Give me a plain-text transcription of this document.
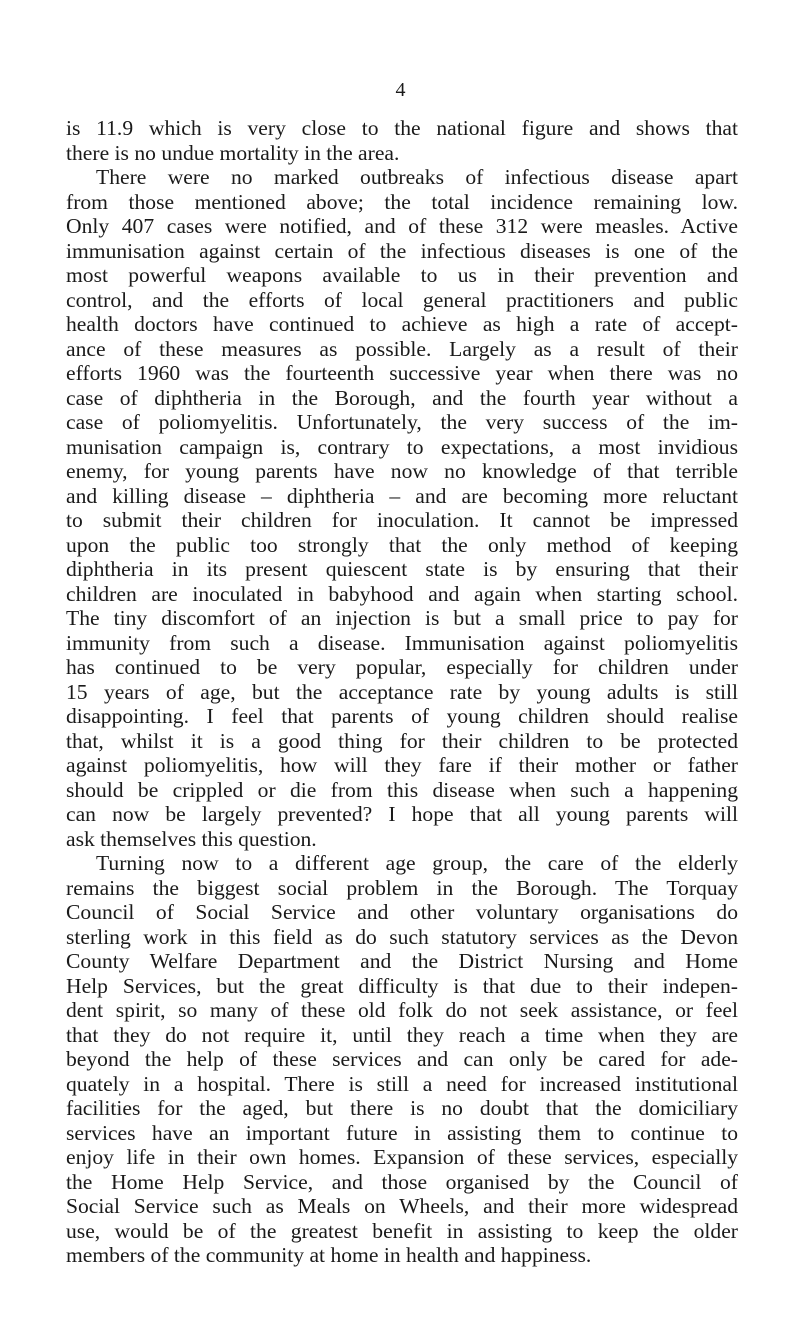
4
is 11.9 which is very close to the national figure and shows that
there is no undue mortality in the area.
There were no marked outbreaks of infectious disease apart
from those mentioned above; the total incidence remaining low.
Only 407 cases were notified, and of these 312 were measles. Active
immunisation against certain of the infectious diseases is one of the
most powerful weapons available to us in their prevention and
control, and the efforts of local general practitioners and public
health doctors have continued to achieve as high a rate of accept-
ance of these measures as possible. Largely as a result of their
efforts 1960 was the fourteenth successive year when there was no
case of diphtheria in the Borough, and the fourth year without a
case of poliomyelitis. Unfortunately, the very success of the im-
munisation campaign is, contrary to expectations, a most invidious
enemy, for young parents have now no knowledge of that terrible
and killing disease – diphtheria – and are becoming more reluctant
to submit their children for inoculation. It cannot be impressed
upon the public too strongly that the only method of keeping
diphtheria in its present quiescent state is by ensuring that their
children are inoculated in babyhood and again when starting school.
The tiny discomfort of an injection is but a small price to pay for
immunity from such a disease. Immunisation against poliomyelitis
has continued to be very popular, especially for children under
15 years of age, but the acceptance rate by young adults is still
disappointing. I feel that parents of young children should realise
that, whilst it is a good thing for their children to be protected
against poliomyelitis, how will they fare if their mother or father
should be crippled or die from this disease when such a happening
can now be largely prevented? I hope that all young parents will
ask themselves this question.
Turning now to a different age group, the care of the elderly
remains the biggest social problem in the Borough. The Torquay
Council of Social Service and other voluntary organisations do
sterling work in this field as do such statutory services as the Devon
County Welfare Department and the District Nursing and Home
Help Services, but the great difficulty is that due to their indepen-
dent spirit, so many of these old folk do not seek assistance, or feel
that they do not require it, until they reach a time when they are
beyond the help of these services and can only be cared for ade-
quately in a hospital. There is still a need for increased institutional
facilities for the aged, but there is no doubt that the domiciliary
services have an important future in assisting them to continue to
enjoy life in their own homes. Expansion of these services, especially
the Home Help Service, and those organised by the Council of
Social Service such as Meals on Wheels, and their more widespread
use, would be of the greatest benefit in assisting to keep the older
members of the community at home in health and happiness.
